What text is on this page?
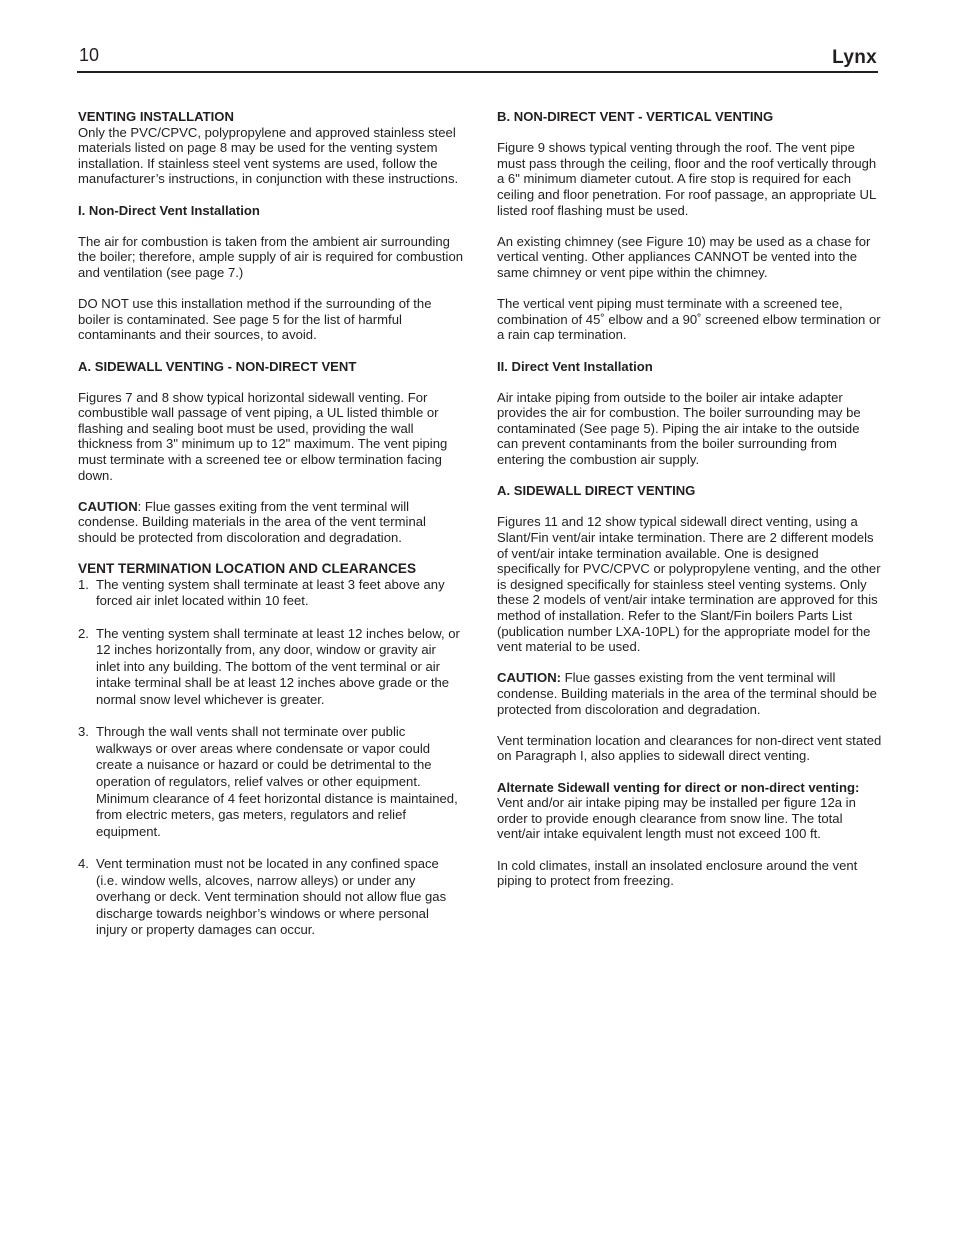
10	Lynx
VENTING INSTALLATION

Only the PVC/CPVC, polypropylene and approved stainless steel materials listed on page 8 may be used for the venting system installation. If stainless steel vent systems are used, follow the manufacturer’s instructions, in conjunction with these instructions.

I. Non-Direct Vent Installation

The air for combustion is taken from the ambient air surrounding the boiler; therefore, ample supply of air is required for combustion and ventilation (see page 7.)

DO NOT use this installation method if the surrounding of the boiler is contaminated. See page 5 for the list of harmful contaminants and their sources, to avoid.

A. SIDEWALL VENTING - NON-DIRECT VENT

Figures 7 and 8 show typical horizontal sidewall venting. For combustible wall passage of vent piping, a UL listed thimble or flashing and sealing boot must be used, providing the wall thickness from 3" minimum up to 12" maximum. The vent piping must terminate with a screened tee or elbow termination facing down.

CAUTION: Flue gasses exiting from the vent terminal will condense. Building materials in the area of the vent terminal should be protected from discoloration and degradation.

VENT TERMINATION LOCATION AND CLEARANCES
1. The venting system shall terminate at least 3 feet above any forced air inlet located within 10 feet.
2. The venting system shall terminate at least 12 inches below, or 12 inches horizontally from, any door, window or gravity air inlet into any building. The bottom of the vent terminal or air intake terminal shall be at least 12 inches above grade or the normal snow level whichever is greater.
3. Through the wall vents shall not terminate over public walkways or over areas where condensate or vapor could create a nuisance or hazard or could be detrimental to the operation of regulators, relief valves or other equipment. Minimum clearance of 4 feet horizontal distance is maintained, from electric meters, gas meters, regulators and relief equipment.
4. Vent termination must not be located in any confined space (i.e. window wells, alcoves, narrow alleys) or under any overhang or deck. Vent termination should not allow flue gas discharge towards neighbor’s windows or where personal injury or property damages can occur.
B. NON-DIRECT VENT - VERTICAL VENTING

Figure 9 shows typical venting through the roof. The vent pipe must pass through the ceiling, floor and the roof vertically through a 6" minimum diameter cutout. A fire stop is required for each ceiling and floor penetration. For roof passage, an appropriate UL listed roof flashing must be used.

An existing chimney (see Figure 10) may be used as a chase for vertical venting. Other appliances CANNOT be vented into the same chimney or vent pipe within the chimney.

The vertical vent piping must terminate with a screened tee, combination of 45˚ elbow and a 90˚ screened elbow termination or a rain cap termination.

II. Direct Vent Installation

Air intake piping from outside to the boiler air intake adapter provides the air for combustion. The boiler surrounding may be contaminated (See page 5). Piping the air intake to the outside can prevent contaminants from the boiler surrounding from entering the combustion air supply.

A. SIDEWALL DIRECT VENTING

Figures 11 and 12 show typical sidewall direct venting, using a Slant/Fin vent/air intake termination. There are 2 different models of vent/air intake termination available. One is designed specifically for PVC/CPVC or polypropylene venting, and the other is designed specifically for stainless steel venting systems. Only these 2 models of vent/air intake termination are approved for this method of installation. Refer to the Slant/Fin boilers Parts List (publication number LXA-10PL) for the appropriate model for the vent material to be used.

CAUTION: Flue gasses existing from the vent terminal will condense. Building materials in the area of the terminal should be protected from discoloration and degradation.

Vent termination location and clearances for non-direct vent stated on Paragraph I, also applies to sidewall direct venting.

Alternate Sidewall venting for direct or non-direct venting:

Vent and/or air intake piping may be installed per figure 12a in order to provide enough clearance from snow line. The total vent/air intake equivalent length must not exceed 100 ft.

In cold climates, install an insolated enclosure around the vent piping to protect from freezing.
